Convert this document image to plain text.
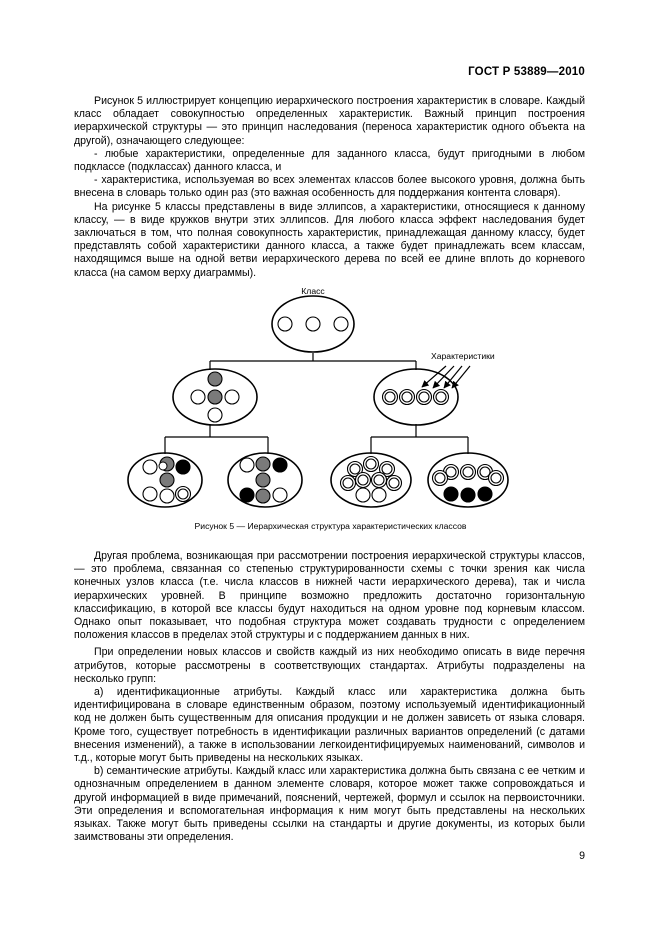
ГОСТ Р 53889—2010

Рисунок 5 иллюстрирует концепцию иерархического построения характеристик в словаре. Каждый класс обладает совокупностью определенных характеристик. Важный принцип построения иерархической структуры — это принцип наследования (переноса характеристик одного объекта на другой), означающего следующее:

- любые характеристики, определенные для заданного класса, будут пригодными в любом подклассе (подклассах) данного класса, и

- характеристика, используемая во всех элементах классов более высокого уровня, должна быть внесена в словарь только один раз (это важная особенность для поддержания контента словаря).

На рисунке 5 классы представлены в виде эллипсов, а характеристики, относящиеся к данному классу, — в виде кружков внутри этих эллипсов. Для любого класса эффект наследования будет заключаться в том, что полная совокупность характеристик, принадлежащая данному классу, будет представлять собой характеристики данного класса, а также будет принадлежать всем классам, находящимся выше на одной ветви иерархического дерева по всей ее длине вплоть до корневого класса (на самом верху диаграммы).

Класс
Характеристики
Рисунок 5 — Иерархическая структура характеристических классов

Другая проблема, возникающая при рассмотрении построения иерархической структуры классов, — это проблема, связанная со степенью структурированности схемы с точки зрения как числа конечных узлов класса (т.е. числа классов в нижней части иерархического дерева), так и числа иерархических уровней. В принципе возможно предложить достаточно горизонтальную классификацию, в которой все классы будут находиться на одном уровне под корневым классом. Однако опыт показывает, что подобная структура может создавать трудности с определением положения классов в пределах этой структуры и с поддержанием данных в них.

При определении новых классов и свойств каждый из них необходимо описать в виде перечня атрибутов, которые рассмотрены в соответствующих стандартах. Атрибуты подразделены на несколько групп:

а) идентификационные атрибуты. Каждый класс или характеристика должна быть идентифицирована в словаре единственным образом, поэтому используемый идентификационный код не должен быть существенным для описания продукции и не должен зависеть от языка словаря. Кроме того, существует потребность в идентификации различных вариантов определений (с датами внесения изменений), а также в использовании легкоидентифицируемых наименований, символов и т.д., которые могут быть приведены на нескольких языках.

b) семантические атрибуты. Каждый класс или характеристика должна быть связана с ее четким и однозначным определением в данном элементе словаря, которое может также сопровождаться и другой информацией в виде примечаний, пояснений, чертежей, формул и ссылок на первоисточники. Эти определения и вспомогательная информация к ним могут быть представлены на нескольких языках. Также могут быть приведены ссылки на стандарты и другие документы, из которых были заимствованы эти определения.

9
